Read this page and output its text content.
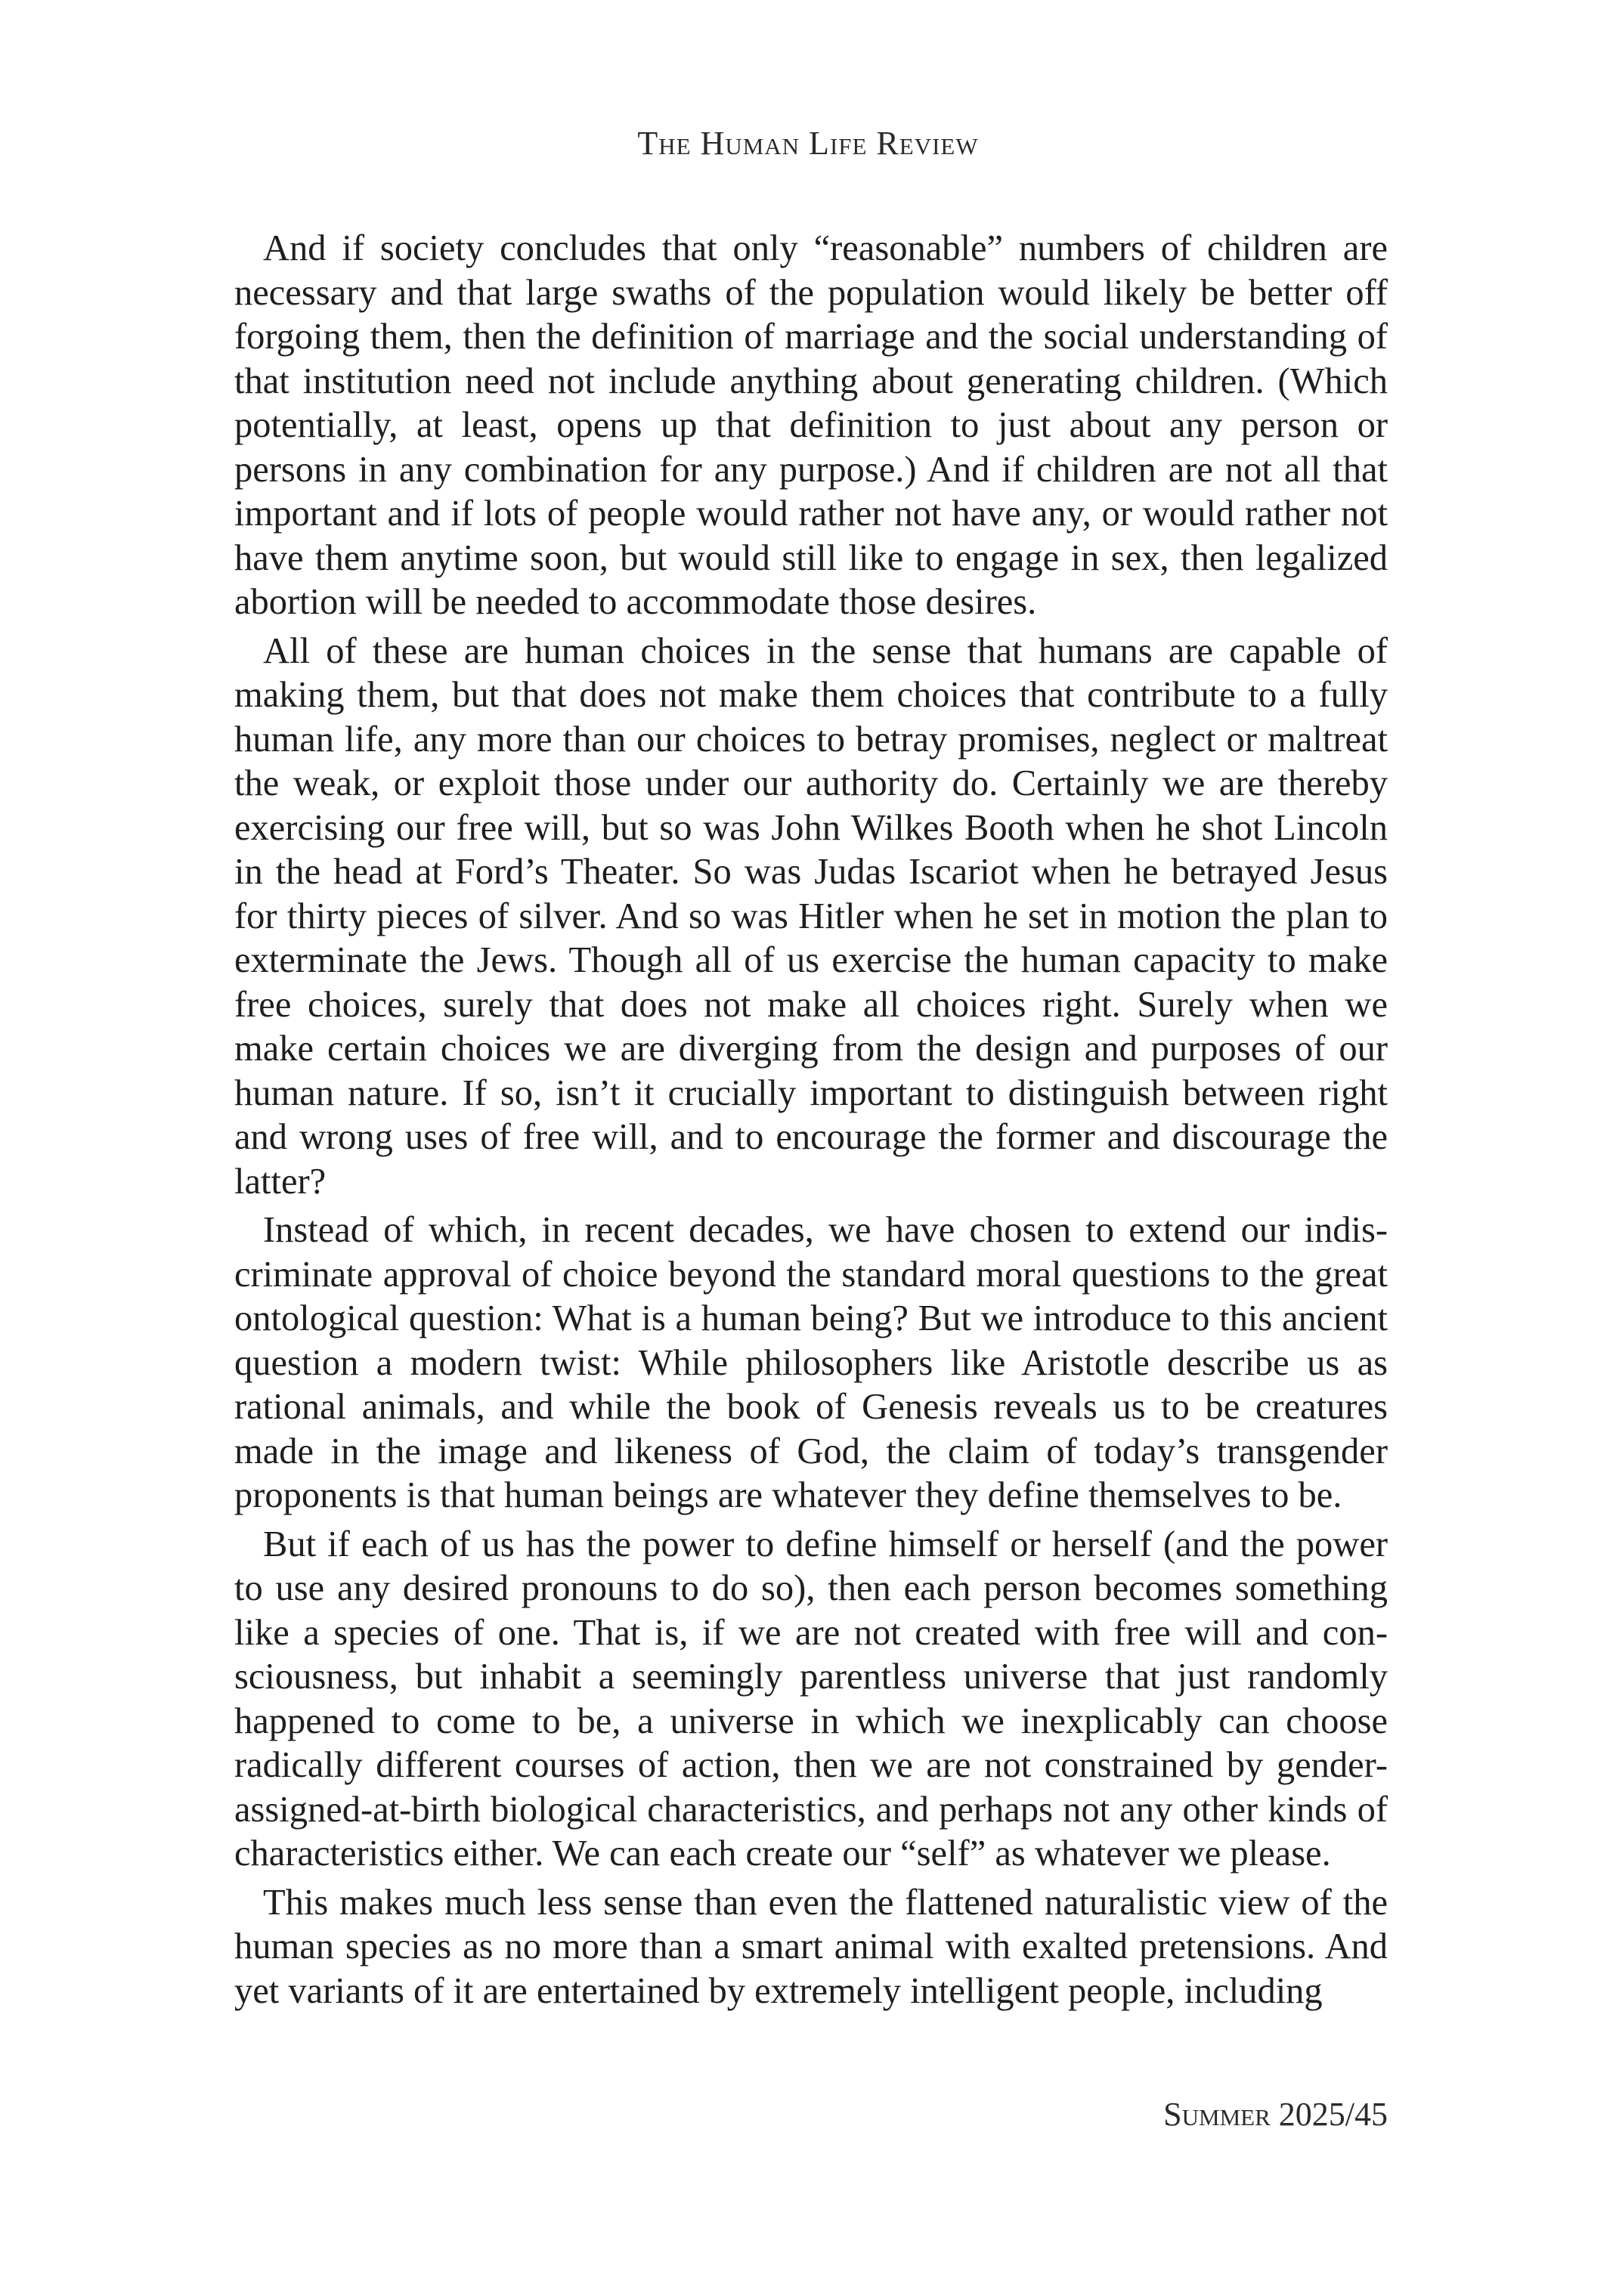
The Human Life Review

And if society concludes that only “reasonable” numbers of children are necessary and that large swaths of the population would likely be better off forgoing them, then the definition of marriage and the social understanding of that institution need not include anything about generating children. (Which potentially, at least, opens up that definition to just about any person or persons in any combination for any purpose.) And if children are not all that important and if lots of people would rather not have any, or would rather not have them anytime soon, but would still like to engage in sex, then legalized abortion will be needed to accommodate those desires.

All of these are human choices in the sense that humans are capable of making them, but that does not make them choices that contribute to a fully human life, any more than our choices to betray promises, neglect or maltreat the weak, or exploit those under our authority do. Certainly we are thereby exercising our free will, but so was John Wilkes Booth when he shot Lincoln in the head at Ford’s Theater. So was Judas Iscariot when he betrayed Jesus for thirty pieces of silver. And so was Hitler when he set in motion the plan to exterminate the Jews. Though all of us exercise the human capacity to make free choices, surely that does not make all choices right. Surely when we make certain choices we are diverging from the design and purposes of our human nature. If so, isn’t it crucially important to distinguish between right and wrong uses of free will, and to encourage the former and discourage the latter?

Instead of which, in recent decades, we have chosen to extend our indiscriminate approval of choice beyond the standard moral questions to the great ontological question: What is a human being? But we introduce to this ancient question a modern twist: While philosophers like Aristotle describe us as rational animals, and while the book of Genesis reveals us to be creatures made in the image and likeness of God, the claim of today’s transgender proponents is that human beings are whatever they define themselves to be.

But if each of us has the power to define himself or herself (and the power to use any desired pronouns to do so), then each person becomes something like a species of one. That is, if we are not created with free will and consciousness, but inhabit a seemingly parentless universe that just randomly happened to come to be, a universe in which we inexplicably can choose radically different courses of action, then we are not constrained by gender-assigned-at-birth biological characteristics, and perhaps not any other kinds of characteristics either. We can each create our “self” as whatever we please.

This makes much less sense than even the flattened naturalistic view of the human species as no more than a smart animal with exalted pretensions. And yet variants of it are entertained by extremely intelligent people, including

Summer 2025/45
